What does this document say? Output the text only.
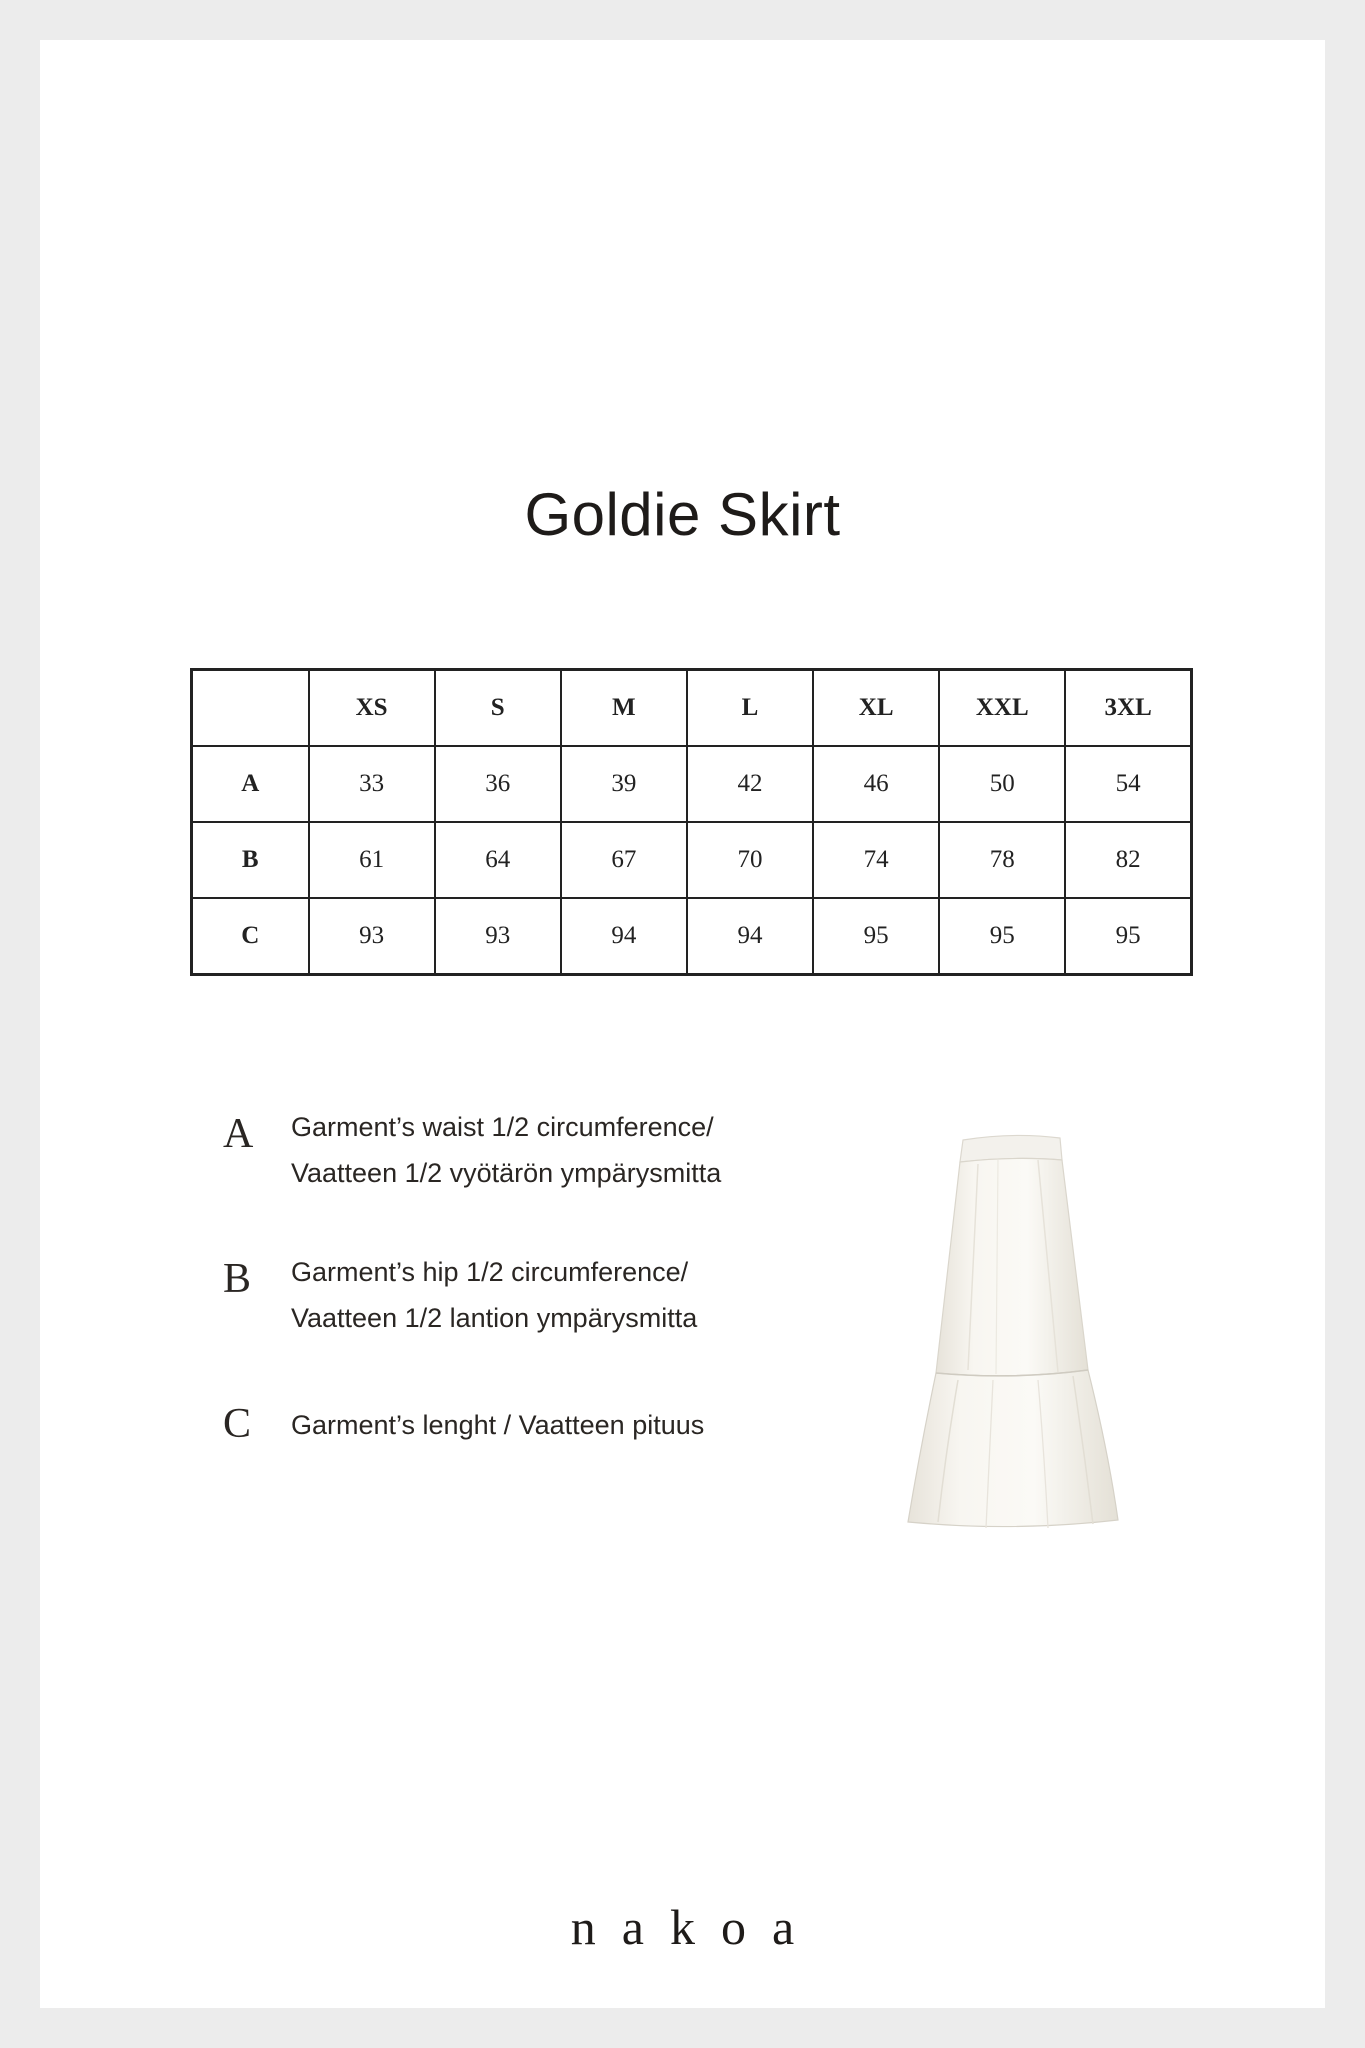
Goldie Skirt
	XS	S	M	L	XL	XXL	3XL
A	33	36	39	42	46	50	54
B	61	64	67	70	74	78	82
C	93	93	94	94	95	95	95
A Garment’s waist 1/2 circumference/
Vaatteen 1/2 vyötärön ympärysmitta
B Garment’s hip 1/2 circumference/
Vaatteen 1/2 lantion ympärysmitta
C Garment’s lenght / Vaatteen pituus
nakoa
